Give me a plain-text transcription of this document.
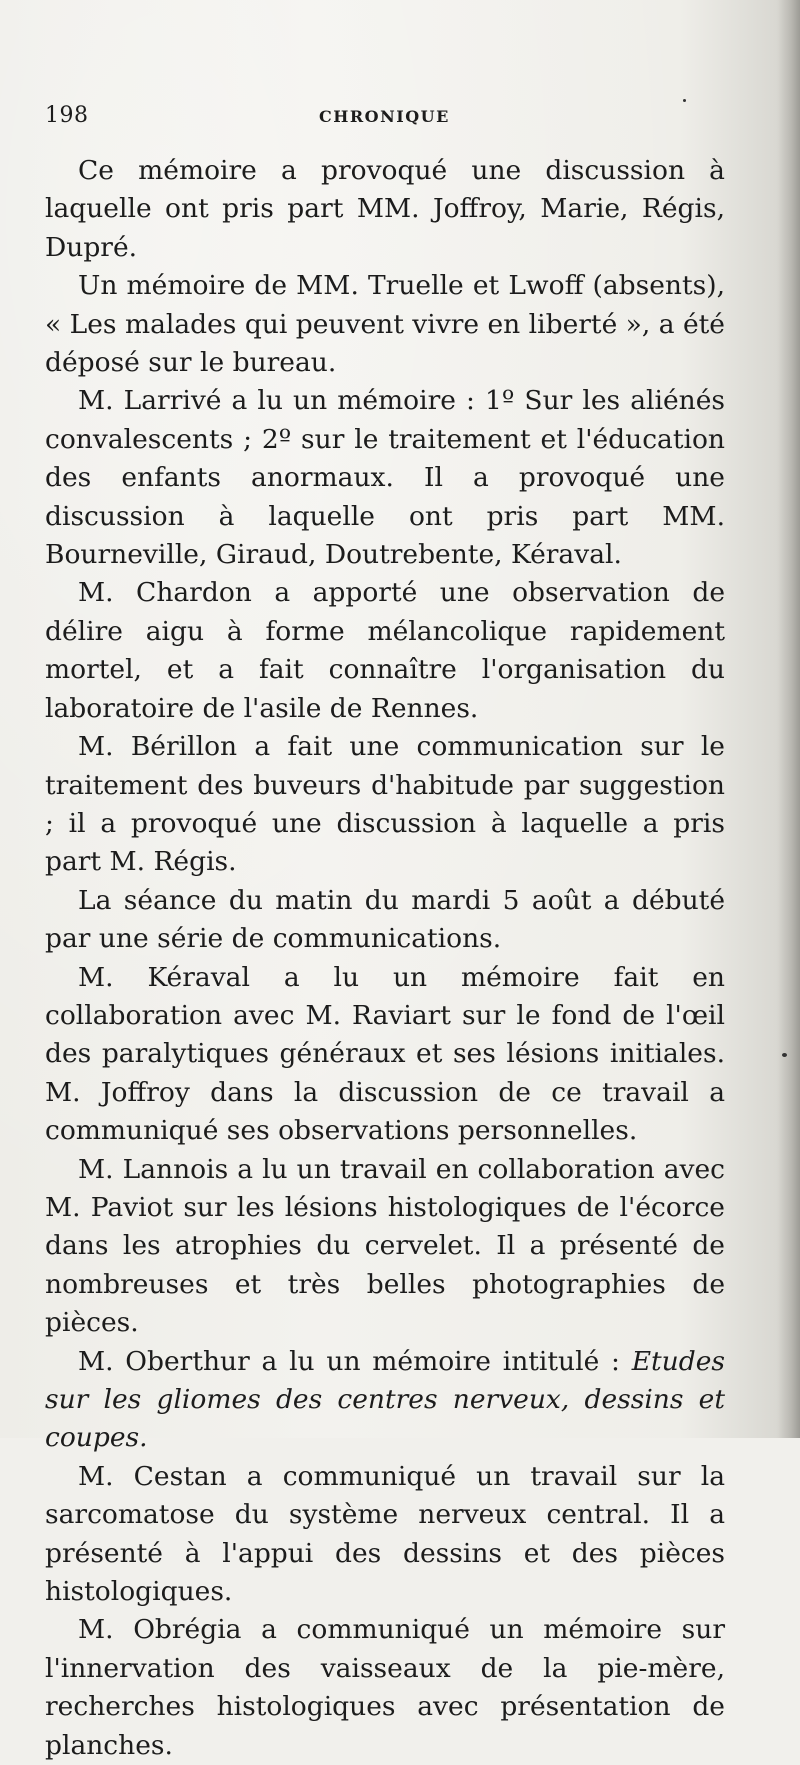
198	CHRONIQUE

Ce mémoire a provoqué une discussion à laquelle ont pris part MM. Joffroy, Marie, Régis, Dupré.

Un mémoire de MM. Truelle et Lwoff (absents), « Les malades qui peuvent vivre en liberté », a été déposé sur le bureau.

M. Larrivé a lu un mémoire : 1º Sur les aliénés convalescents ; 2º sur le traitement et l'éducation des enfants anormaux. Il a provoqué une discussion à laquelle ont pris part MM. Bourneville, Giraud, Doutrebente, Kéraval.

M. Chardon a apporté une observation de délire aigu à forme mélancolique rapidement mortel, et a fait connaître l'organisation du laboratoire de l'asile de Rennes.

M. Bérillon a fait une communication sur le traitement des buveurs d'habitude par suggestion ; il a provoqué une discussion à laquelle a pris part M. Régis.

La séance du matin du mardi 5 août a débuté par une série de communications.

M. Kéraval a lu un mémoire fait en collaboration avec M. Raviart sur le fond de l'œil des paralytiques généraux et ses lésions initiales. M. Joffroy dans la discussion de ce travail a communiqué ses observations personnelles.

M. Lannois a lu un travail en collaboration avec M. Paviot sur les lésions histologiques de l'écorce dans les atrophies du cervelet. Il a présenté de nombreuses et très belles photographies de pièces.

M. Oberthur a lu un mémoire intitulé : Etudes sur les gliomes des centres nerveux, dessins et coupes.

M. Cestan a communiqué un travail sur la sarcomatose du système nerveux central. Il a présenté à l'appui des dessins et des pièces histologiques.

M. Obrégia a communiqué un mémoire sur l'innervation des vaisseaux de la pie-mère, recherches histologiques avec présentation de planches.
